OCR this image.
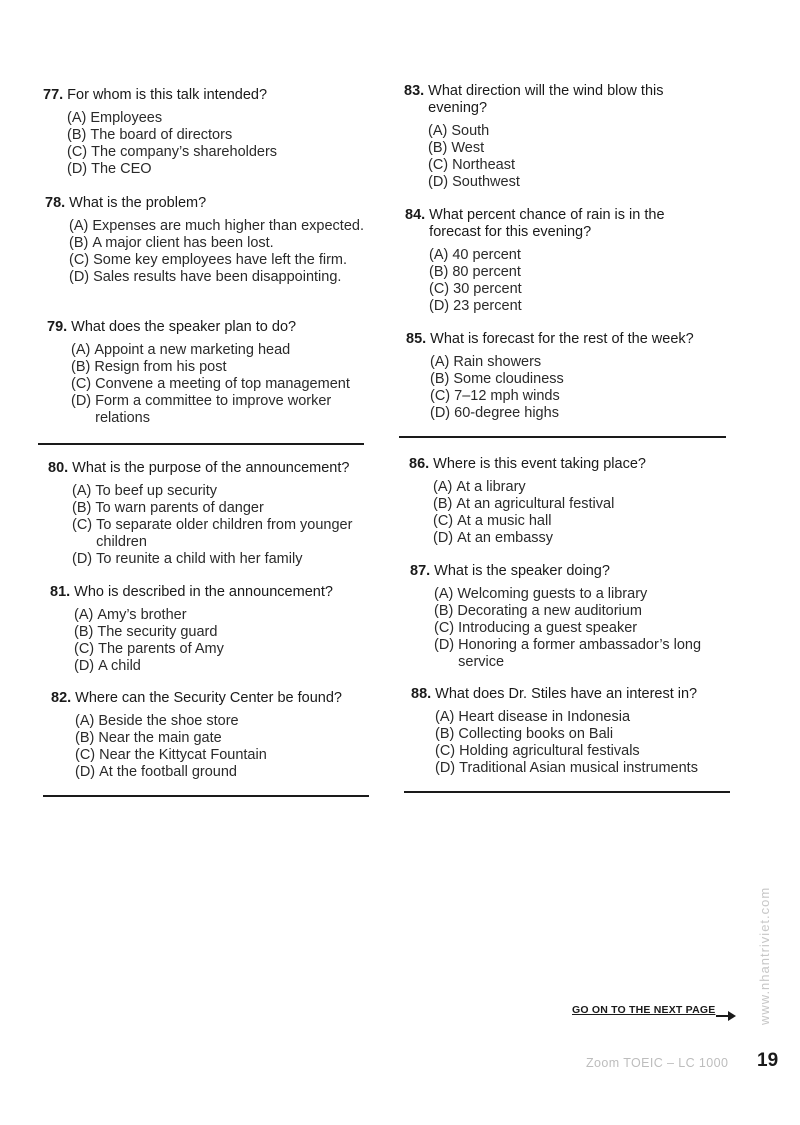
77. For whom is this talk intended?
(A) Employees
(B) The board of directors
(C) The company’s shareholders
(D) The CEO
78. What is the problem?
(A) Expenses are much higher than expected.
(B) A major client has been lost.
(C) Some key employees have left the firm.
(D) Sales results have been disappointing.
79. What does the speaker plan to do?
(A) Appoint a new marketing head
(B) Resign from his post
(C) Convene a meeting of top management
(D) Form a committee to improve worker relations
80. What is the purpose of the announcement?
(A) To beef up security
(B) To warn parents of danger
(C) To separate older children from younger children
(D) To reunite a child with her family
81. Who is described in the announcement?
(A) Amy’s brother
(B) The security guard
(C) The parents of Amy
(D) A child
82. Where can the Security Center be found?
(A) Beside the shoe store
(B) Near the main gate
(C) Near the Kittycat Fountain
(D) At the football ground
83. What direction will the wind blow this evening?
(A) South
(B) West
(C) Northeast
(D) Southwest
84. What percent chance of rain is in the forecast for this evening?
(A) 40 percent
(B) 80 percent
(C) 30 percent
(D) 23 percent
85. What is forecast for the rest of the week?
(A) Rain showers
(B) Some cloudiness
(C) 7–12 mph winds
(D) 60-degree highs
86. Where is this event taking place?
(A) At a library
(B) At an agricultural festival
(C) At a music hall
(D) At an embassy
87. What is the speaker doing?
(A) Welcoming guests to a library
(B) Decorating a new auditorium
(C) Introducing a guest speaker
(D) Honoring a former ambassador’s long service
88. What does Dr. Stiles have an interest in?
(A) Heart disease in Indonesia
(B) Collecting books on Bali
(C) Holding agricultural festivals
(D) Traditional Asian musical instruments
GO ON TO THE NEXT PAGE
Zoom TOEIC – LC 1000 19
www.nhantriviet.com
